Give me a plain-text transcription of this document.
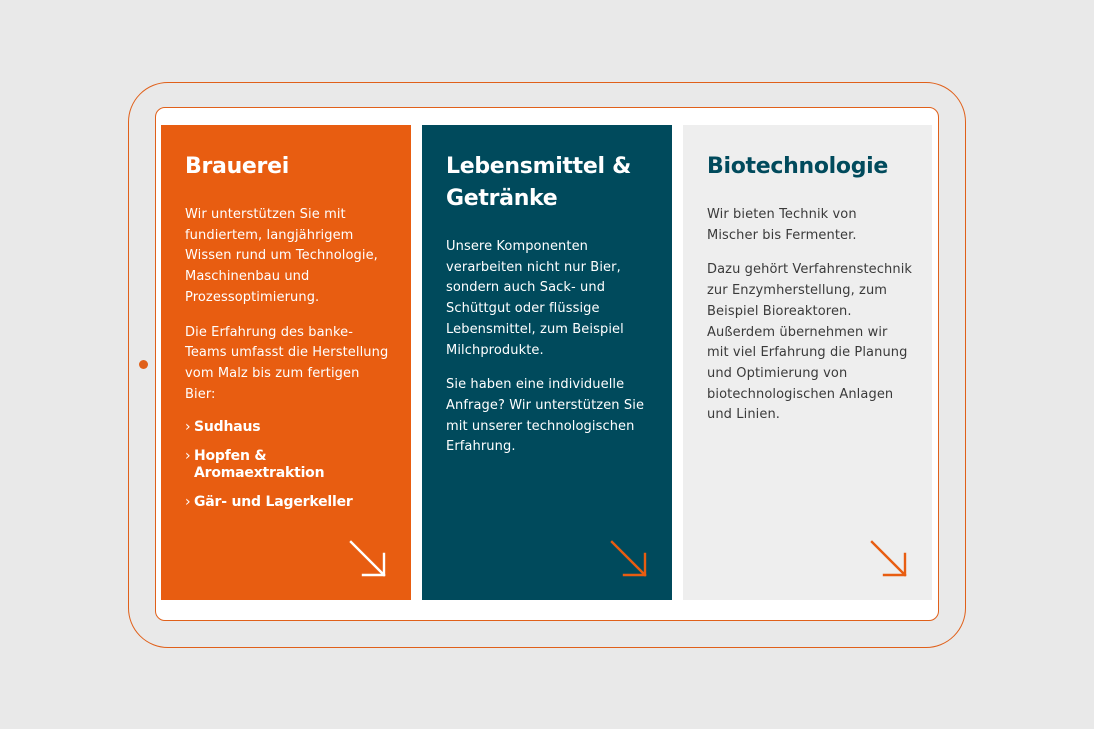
Brauerei

Wir unterstützen Sie mit fundiertem, langjährigem Wissen rund um Technologie, Maschinenbau und Prozessoptimierung.

Die Erfahrung des banke-Teams umfasst die Herstellung vom Malz bis zum fertigen Bier:

› Sudhaus
› Hopfen & Aromaextraktion
› Gär- und Lagerkeller
Lebensmittel & Getränke

Unsere Komponenten verarbeiten nicht nur Bier, sondern auch Sack- und Schüttgut oder flüssige Lebensmittel, zum Beispiel Milchprodukte.

Sie haben eine individuelle Anfrage? Wir unterstützen Sie mit unserer technologischen Erfahrung.

Biotechnologie

Wir bieten Technik von Mischer bis Fermenter.

Dazu gehört Verfahrenstechnik zur Enzymherstellung, zum Beispiel Bioreaktoren. Außerdem übernehmen wir mit viel Erfahrung die Planung und Optimierung von biotechnologischen Anlagen und Linien.
